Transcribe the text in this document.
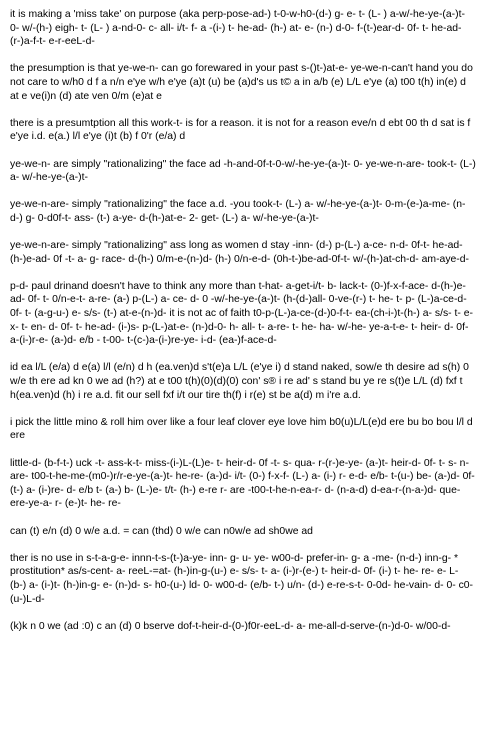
it is making a 'miss take' on purpose (aka perp-pose-ad-) t-0-w-h0-(d-) g- e- t- (L- ) a-w/-he-ye-(a-)t- 0- w/-(h-) eigh- t- (L- ) a-nd-0- c- all- i/t- f- a -(i-) t- he-ad- (h-) at- e- (n-) d-0- f-(t-)ear-d- 0f- t- he-ad- (r-)a-f-t- e-r-eeL-d-

the presumption is that ye-we-n- can go forewared in your past s-()t-)at-e- ye-we-n-can't hand you do not care to w/h0 d f a n/n e'ye w/h e'ye (a)t (u) be (a)d's us t© a in a/b (e) L/L e'ye (a) t00 t(h) in(e) d at e ve(i)n (d) ate ven 0/m (e)at e

there is a presumtption all this work-t- is for a reason. it is not for a reason eve/n d ebt 00 th d sat is f e'ye i.d. e(a.) l/l e'ye (i)t (b) f 0'r (e/a) d

ye-we-n- are simply "rationalizing" the face ad -h-and-0f-t-0-w/-he-ye-(a-)t- 0- ye-we-n-are- took-t- (L-) a- w/-he-ye-(a-)t-

ye-we-n-are- simply "rationalizing" the face a.d. -you took-t- (L-) a- w/-he-ye-(a-)t- 0-m-(e-)a-me- (n-d-) g- 0-d0f-t- ass- (t-) a-ye- d-(h-)at-e- 2- get- (L-) a- w/-he-ye-(a-)t-

ye-we-n-are- simply "rationalizing" ass long as women d stay -inn- (d-) p-(L-) a-ce- n-d- 0f-t- he-ad- (h-)e-ad- 0f -t- a- g- race- d-(h-) 0/m-e-(n-)d- (h-) 0/n-e-d- (0h-t-)be-ad-0f-t- w/-(h-)at-ch-d- am-aye-d-

p-d- paul drinand doesn't have to think any more than t-hat- a-get-i/t- b- lack-t- (0-)f-x-f-ace- d-(h-)e-ad- 0f- t- 0/n-e-t- a-re- (a-) p-(L-) a- ce- d- 0 -w/-he-ye-(a-)t- (h-(d-)all- 0-ve-(r-) t- he- t- p- (L-)a-ce-d-0f- t- (a-g-u-) e- s/s- (t-) at-e-(n-)d- it is not ac of faith t0-p-(L-)a-ce-(d-)0-f-t- ea-(ch-i-)t-(h-) a- s/s- t- e- x- t- en- d- 0f- t- he-ad- (i-)s- p-(L-)at-e- (n-)d-0- h- all- t- a-re- t- he- ha- w/-he- ye-a-t-e- t- heir- d- 0f- a-(i-)r-e- (a-)d- e/b - t-00- t-(c-)a-(i-)re-ye- i-d- (ea-)f-ace-d-

id ea l/L (e/a) d e(a) l/l (e/n) d h (ea.ven)d s't(e)a L/L (e'ye i) d stand naked, sow/e th desire ad s(h) 0 w/e th ere ad kn 0 we ad (h?) at e t00 t(h)(0)(d)(0) con' s® i re ad' s stand bu ye re s(t)e L/L (d) fxf t h(ea.ven)d (h) i re a.d. fit our sell fxf i/t our tire th(f) i r(e) st be a(d) m i're a.d.

i pick the little mino & roll him over like a four leaf clover eye love him b0(u)L/L(e)d ere bu bo bou l/l d ere

little-d- (b-f-t-) uck -t- ass-k-t- miss-(i-)L-(L)e- t- heir-d- 0f -t- s- qua- r-(r-)e-ye- (a-)t- heir-d- 0f- t- s- n-are- t00-t-he-me-(m0-)r/r-e-ye-(a-)t- he-re- (a-)d- i/t- (0-) f-x-f- (L-) a- (i-) r- e-d- e/b- t-(u-) be- (a-)d- 0f- (t-) a- (i-)re- d- e/b t- (a-) b- (L-)e- t/t- (h-) e-re r- are -t00-t-he-n-ea-r- d- (n-a-d) d-ea-r-(n-a-)d- que-ere-ye-a- r- (e-)t- he- re-

can (t) e/n (d) 0 w/e a.d. = can (thd) 0 w/e can n0w/e ad sh0we ad

ther is no use in s-t-a-g-e- innn-t-s-(t-)a-ye- inn- g- u- ye- w00-d- prefer-in- g- a -me- (n-d-) inn-g- * prostitution* as/s-cent- a- reeL-=at- (h-)in-g-(u-) e- s/s- t- a- (i-)r-(e-) t- heir-d- 0f- (i-) t- he- re- e- L- (b-) a- (i-)t- (h-)in-g- e- (n-)d- s- h0-(u-) ld- 0- w00-d- (e/b- t-) u/n- (d-) e-re-s-t- 0-0d- he-vain- d- 0- c0-(u-)L-d-

(k)k n 0 we (ad :0) c an (d) 0 bserve dof-t-heir-d-(0-)f0r-eeL-d- a- me-all-d-serve-(n-)d-0- w/00-d-
